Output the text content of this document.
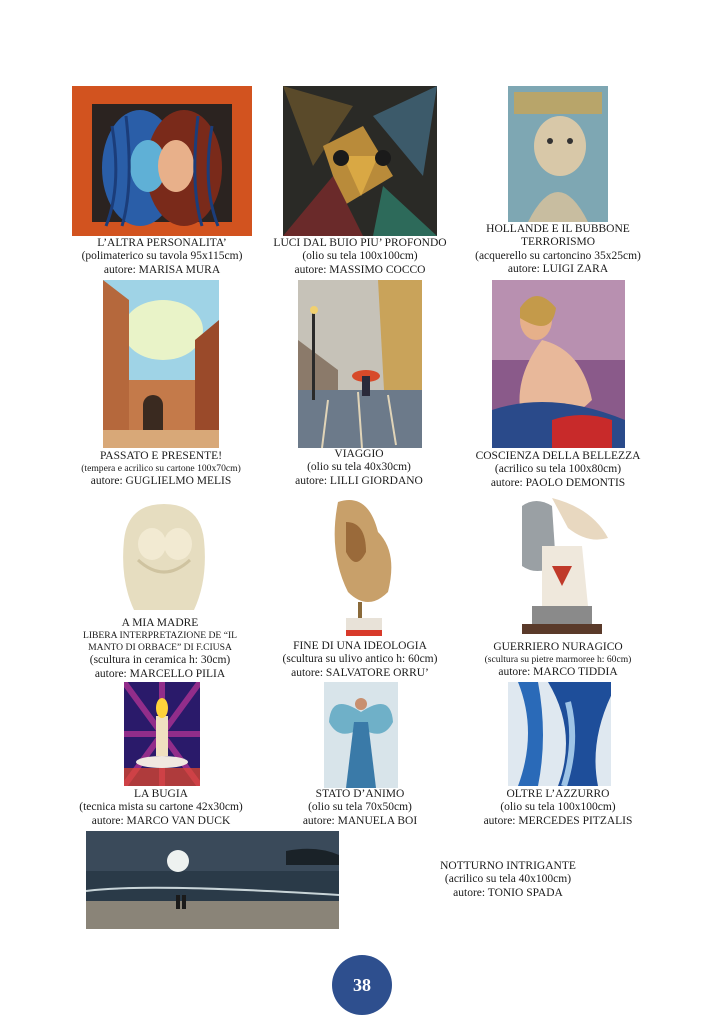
L’ALTRA PERSONALITA’
(polimaterico su tavola 95x115cm)
autore: MARISA MURA
LUCI DAL BUIO PIU’ PROFONDO
(olio su tela 100x100cm)
autore: MASSIMO COCCO
HOLLANDE E IL BUBBONE
TERRORISMO
(acquerello su cartoncino 35x25cm)
autore: LUIGI ZARA
PASSATO E PRESENTE!
(tempera e acrilico su cartone 100x70cm)
autore: GUGLIELMO MELIS
VIAGGIO
(olio su tela 40x30cm)
autore: LILLI GIORDANO
COSCIENZA DELLA BELLEZZA
(acrilico su tela 100x80cm)
autore: PAOLO DEMONTIS
A MIA MADRE
LIBERA INTERPRETAZIONE DE “IL
MANTO DI ORBACE” DI F.CIUSA
(scultura in ceramica h: 30cm)
autore: MARCELLO PILIA
FINE DI UNA IDEOLOGIA
(scultura su ulivo antico h: 60cm)
autore: SALVATORE ORRU’
GUERRIERO NURAGICO
(scultura su pietre marmoree h: 60cm)
autore: MARCO TIDDIA
LA BUGIA
(tecnica mista su cartone 42x30cm)
autore: MARCO VAN DUCK
STATO D’ANIMO
(olio su tela 70x50cm)
autore: MANUELA BOI
OLTRE L’AZZURRO
(olio su tela 100x100cm)
autore: MERCEDES PITZALIS
NOTTURNO INTRIGANTE
(acrilico su tela 40x100cm)
autore: TONIO SPADA
38
